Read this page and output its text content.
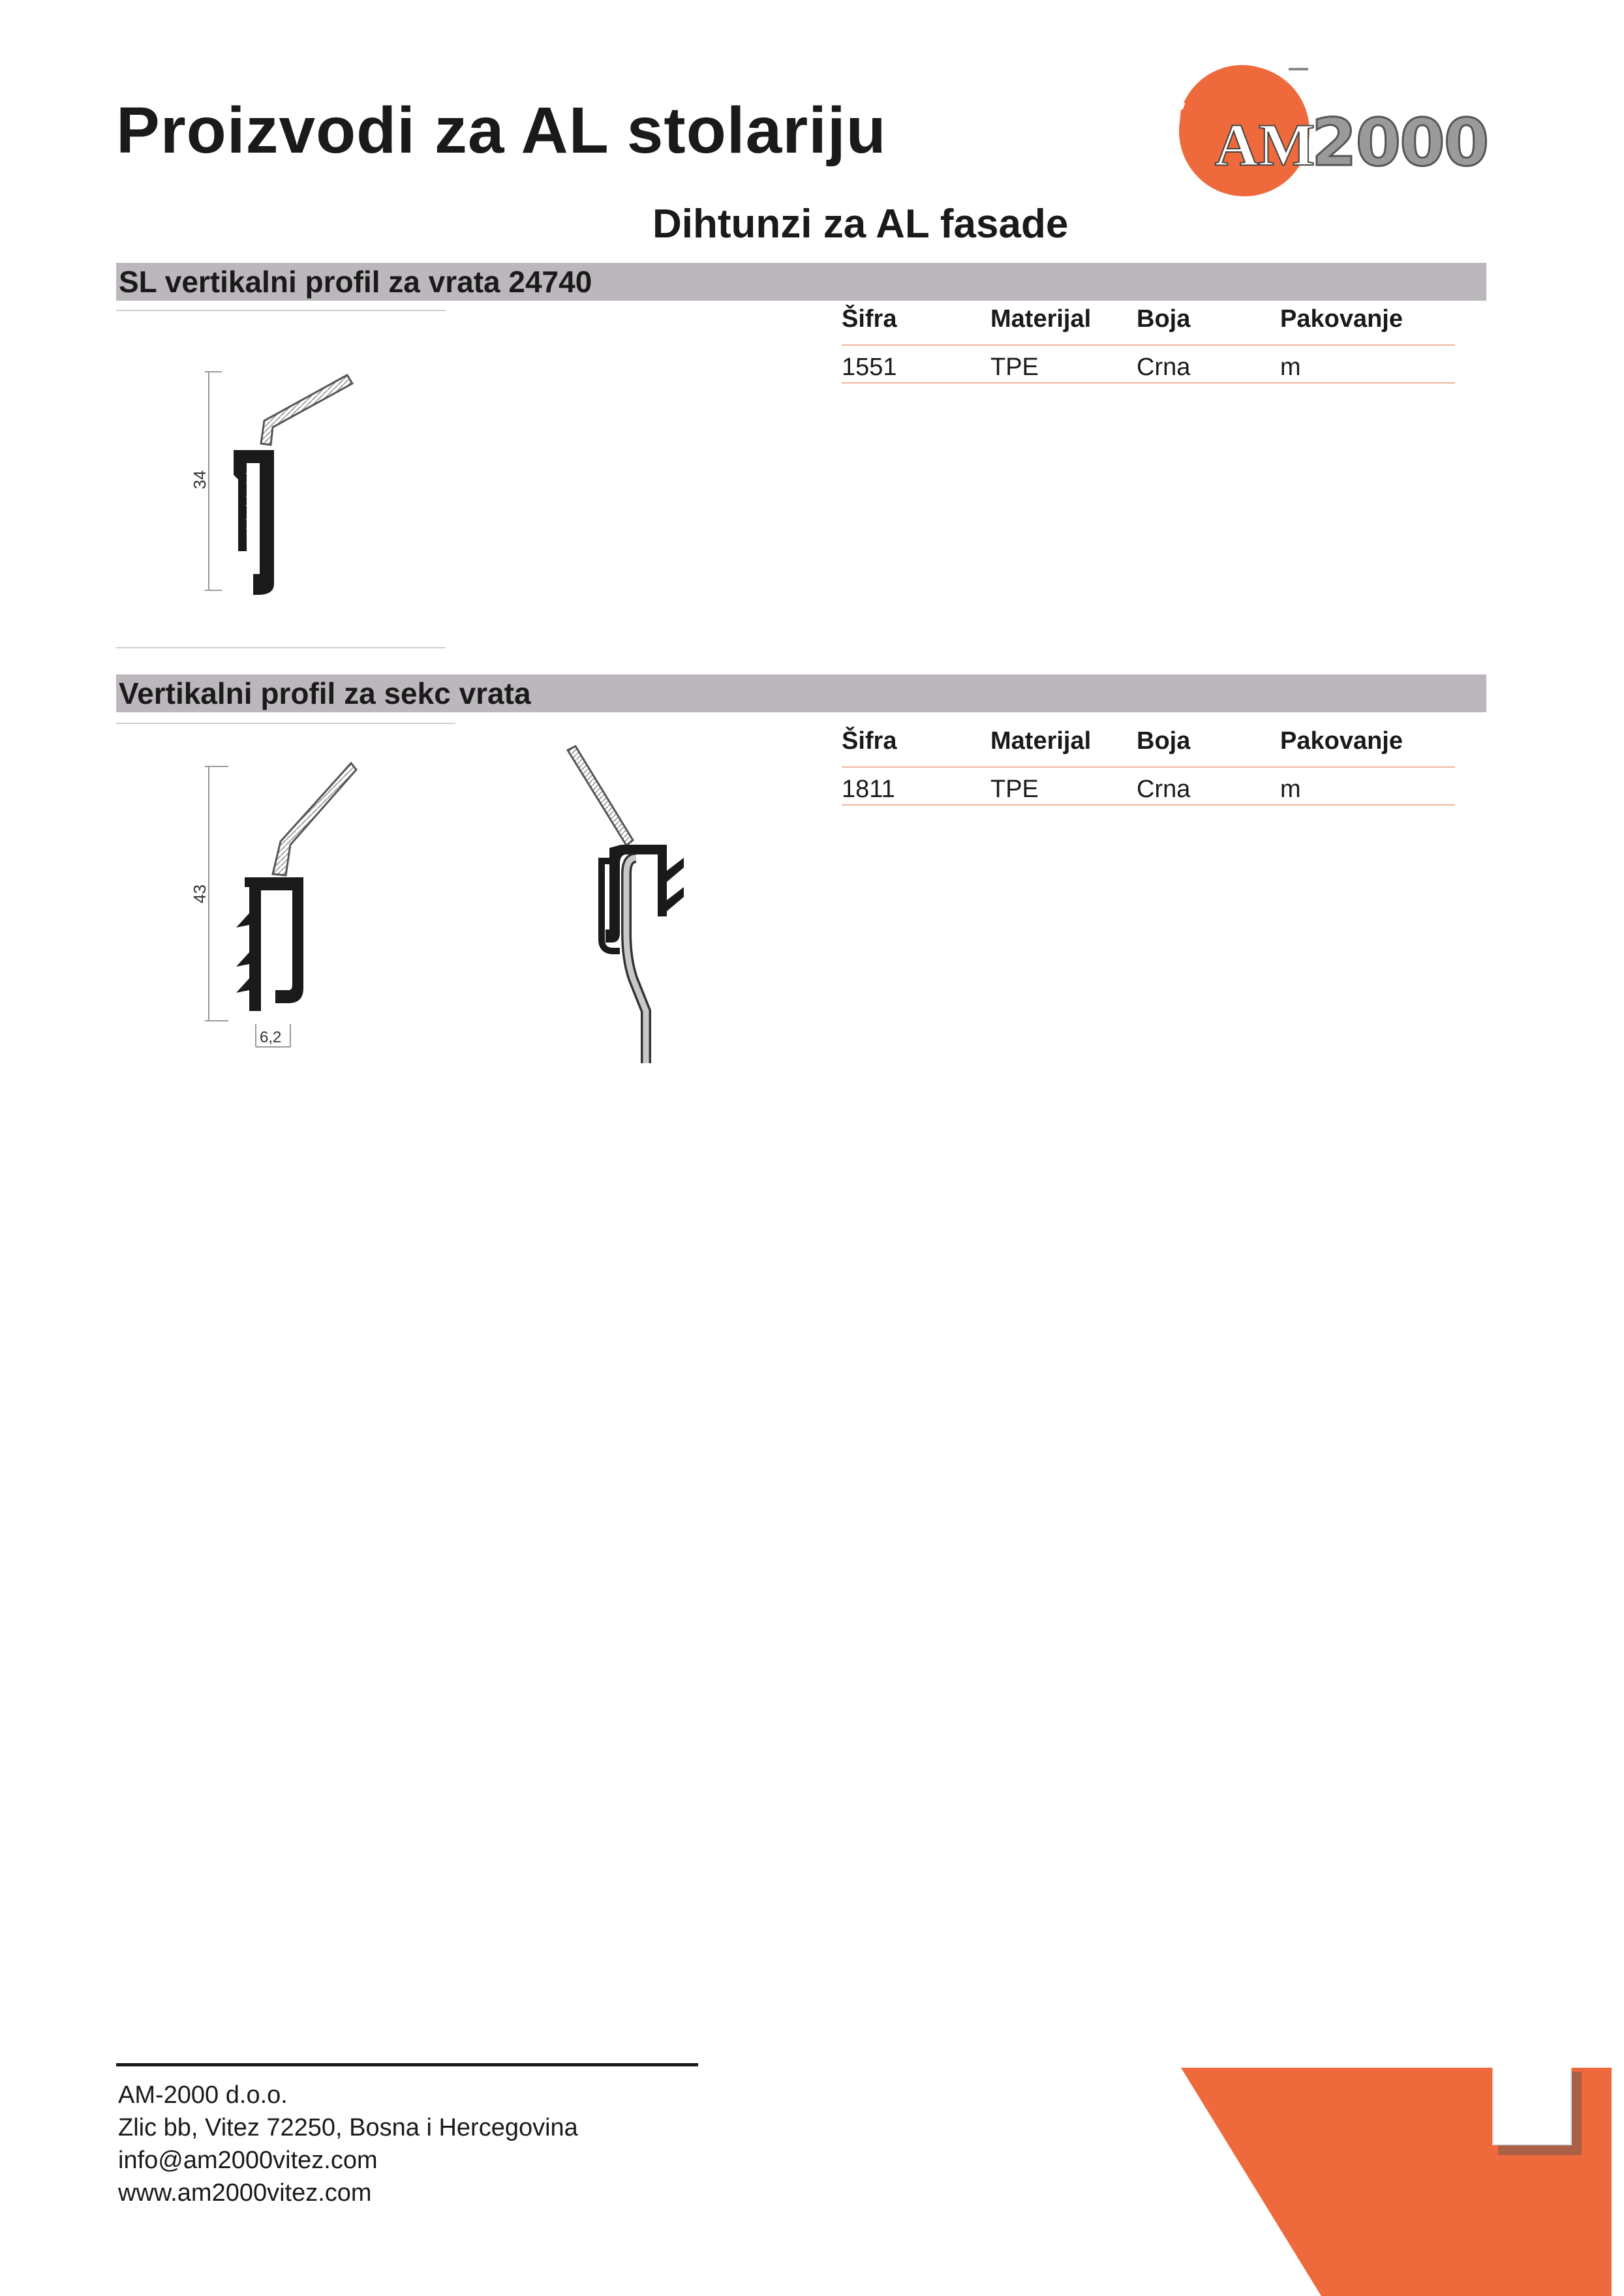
Proizvodi za AL stolariju	AM
2000
Dihtunzi za AL fasade
SL vertikalni profil za vrata 24740
34
Šifra	Materijal Boja	Pakovanje
1551	TPE	Crna	m
Vertikalni profil za sekc vrata
43
6,2
Šifra	Materijal Boja	Pakovanje
1811	TPE	Crna	m
AM-2000 d.o.o.
Zlic bb, Vitez 72250, Bosna i Hercegovina
info@am2000vitez.com
www.am2000vitez.com
